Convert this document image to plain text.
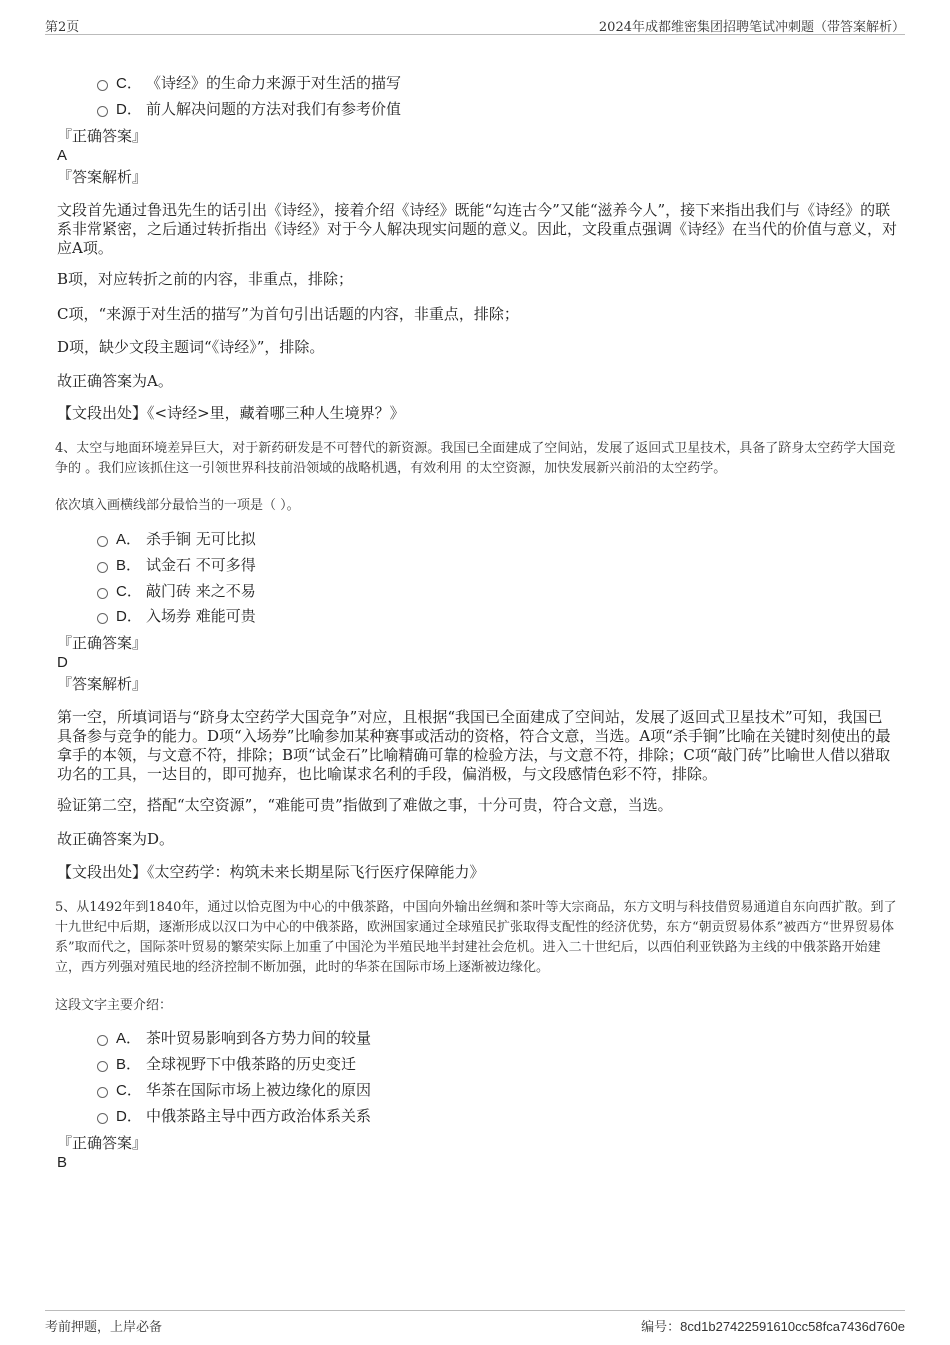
第2页	2024年成都维密集团招聘笔试冲刺题（带答案解析）
C． 《诗经》的生命力来源于对生活的描写
D． 前人解决问题的方法对我们有参考价值
『正确答案』
A
『答案解析』
文段首先通过鲁迅先生的话引出《诗经》，接着介绍《诗经》既能“勾连古今”又能“滋养今人”，接下来指出我们与《诗经》的联系非常紧密，之后通过转折指出《诗经》对于今人解决现实问题的意义。因此，文段重点强调《诗经》在当代的价值与意义，对应A项。
B项，对应转折之前的内容，非重点，排除；
C项，“来源于对生活的描写”为首句引出话题的内容，非重点，排除；
D项，缺少文段主题词“《诗经》”，排除。
故正确答案为A。
【文段出处】《<诗经>里，藏着哪三种人生境界？》
4、太空与地面环境差异巨大，对于新药研发是不可替代的新资源。我国已全面建成了空间站，发展了返回式卫星技术，具备了跻身太空药学大国竞争的 。我们应该抓住这一引领世界科技前沿领域的战略机遇，有效利用 的太空资源，加快发展新兴前沿的太空药学。
依次填入画横线部分最恰当的一项是（ ）。
A． 杀手锏 无可比拟
B． 试金石 不可多得
C． 敲门砖 来之不易
D． 入场券 难能可贵
『正确答案』
D
『答案解析』
第一空，所填词语与“跻身太空药学大国竞争”对应，且根据“我国已全面建成了空间站，发展了返回式卫星技术”可知，我国已具备参与竞争的能力。D项“入场券”比喻参加某种赛事或活动的资格，符合文意，当选。A项“杀手锏”比喻在关键时刻使出的最拿手的本领，与文意不符，排除；B项“试金石”比喻精确可靠的检验方法，与文意不符，排除；C项“敲门砖”比喻世人借以猎取功名的工具，一达目的，即可抛弃，也比喻谋求名利的手段，偏消极，与文段感情色彩不符，排除。
验证第二空，搭配“太空资源”，“难能可贵”指做到了难做之事，十分可贵，符合文意，当选。
故正确答案为D。
【文段出处】《太空药学：构筑未来长期星际飞行医疗保障能力》
5、从1492年到1840年，通过以恰克图为中心的中俄茶路，中国向外输出丝绸和茶叶等大宗商品，东方文明与科技借贸易通道自东向西扩散。到了十九世纪中后期，逐渐形成以汉口为中心的中俄茶路，欧洲国家通过全球殖民扩张取得支配性的经济优势，东方“朝贡贸易体系”被西方“世界贸易体系”取而代之，国际茶叶贸易的繁荣实际上加重了中国沦为半殖民地半封建社会危机。进入二十世纪后，以西伯利亚铁路为主线的中俄茶路开始建立，西方列强对殖民地的经济控制不断加强，此时的华茶在国际市场上逐渐被边缘化。
这段文字主要介绍：
A． 茶叶贸易影响到各方势力间的较量
B． 全球视野下中俄茶路的历史变迁
C． 华茶在国际市场上被边缘化的原因
D． 中俄茶路主导中西方政治体系关系
『正确答案』
B
考前押题，上岸必备	编号：8cd1b27422591610cc58fca7436d760e
